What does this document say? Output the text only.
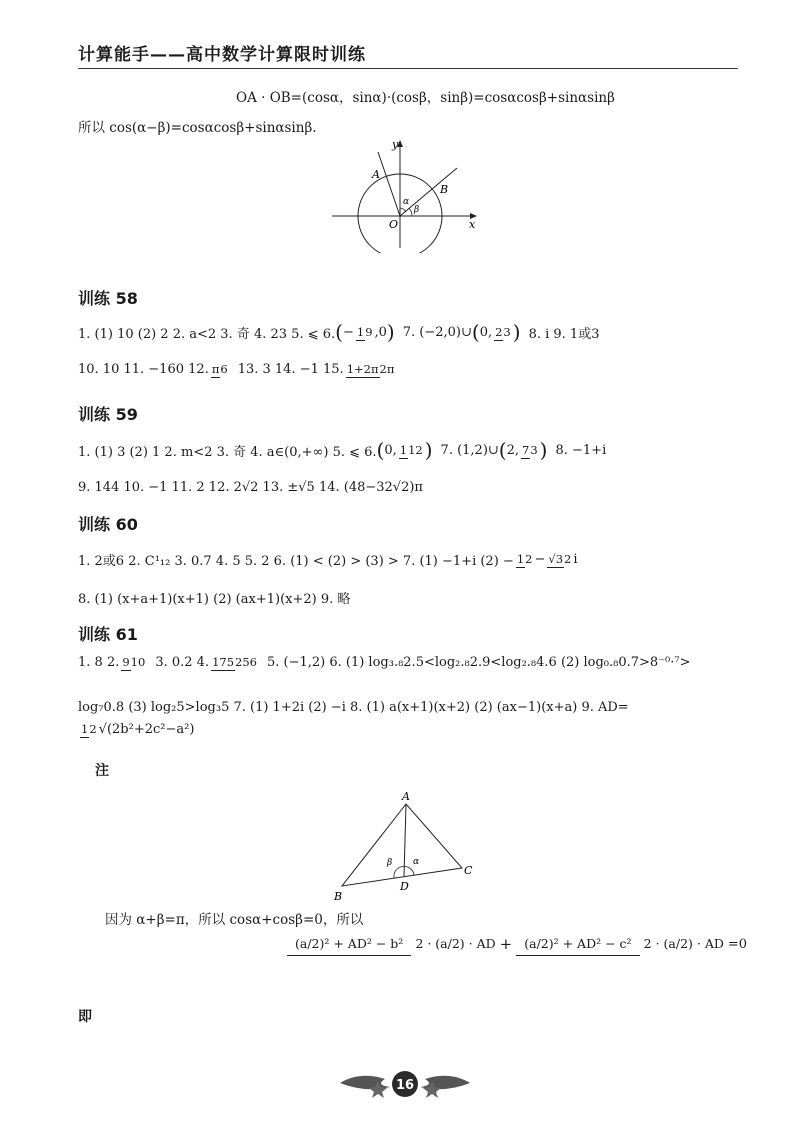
计算能手——高中数学计算限时训练
OA · OB=(cosα，sinα)·(cosβ，sinβ)=cosαcosβ+sinαsinβ
所以 cos(α−β)=cosαcosβ+sinαsinβ.
y
x
O
A
B
α
β
训练 58
1. (1) 10 (2) 2 2. a<2 3. 奇 4. 23 5. ⩽ 6. ( − 19 ,0 ) 7. (−2,0)∪ ( 0, 23 ) 8. i 9. 1或3
10. 10 11. −160 12. π6 13. 3 14. −1 15. 1+2π2π
训练 59
1. (1) 3 (2) 1 2. m<2 3. 奇 4. a∈(0,+∞) 5. ⩽ 6. ( 0, 112 ) 7. (1,2)∪ ( 2, 73 ) 8. −1+i
9. 144 10. −1 11. 2 12. 2√2 13. ±√5 14. (48−32√2)π
训练 60
1. 2或6 2. C¹₁₂ 3. 0.7 4. 5 5. 2 6. (1) < (2) > (3) > 7. (1) −1+i (2) − 12 − √32 i
8. (1) (x+a+1)(x+1) (2) (ax+1)(x+2) 9. 略
训练 61
1. 8 2. 910 3. 0.2 4. 175256 5. (−1,2) 6. (1) log₃.₈2.5<log₂.₈2.9<log₂.₈4.6 (2) log₀.₈0.7>8⁻⁰·⁷>
log₇0.8 (3) log₂5>log₃5 7. (1) 1+2i (2) −i 8. (1) a(x+1)(x+2) (2) (ax−1)(x+a) 9. AD=
12 √(2b²+2c²−a²)
注
A
B
C
D
β α
因为 α+β=π，所以 cosα+cosβ=0，所以
(a/2)² + AD² − b² 2 · (a/2) · AD + (a/2)² + AD² − c² 2 · (a/2) · AD =0
即
16
